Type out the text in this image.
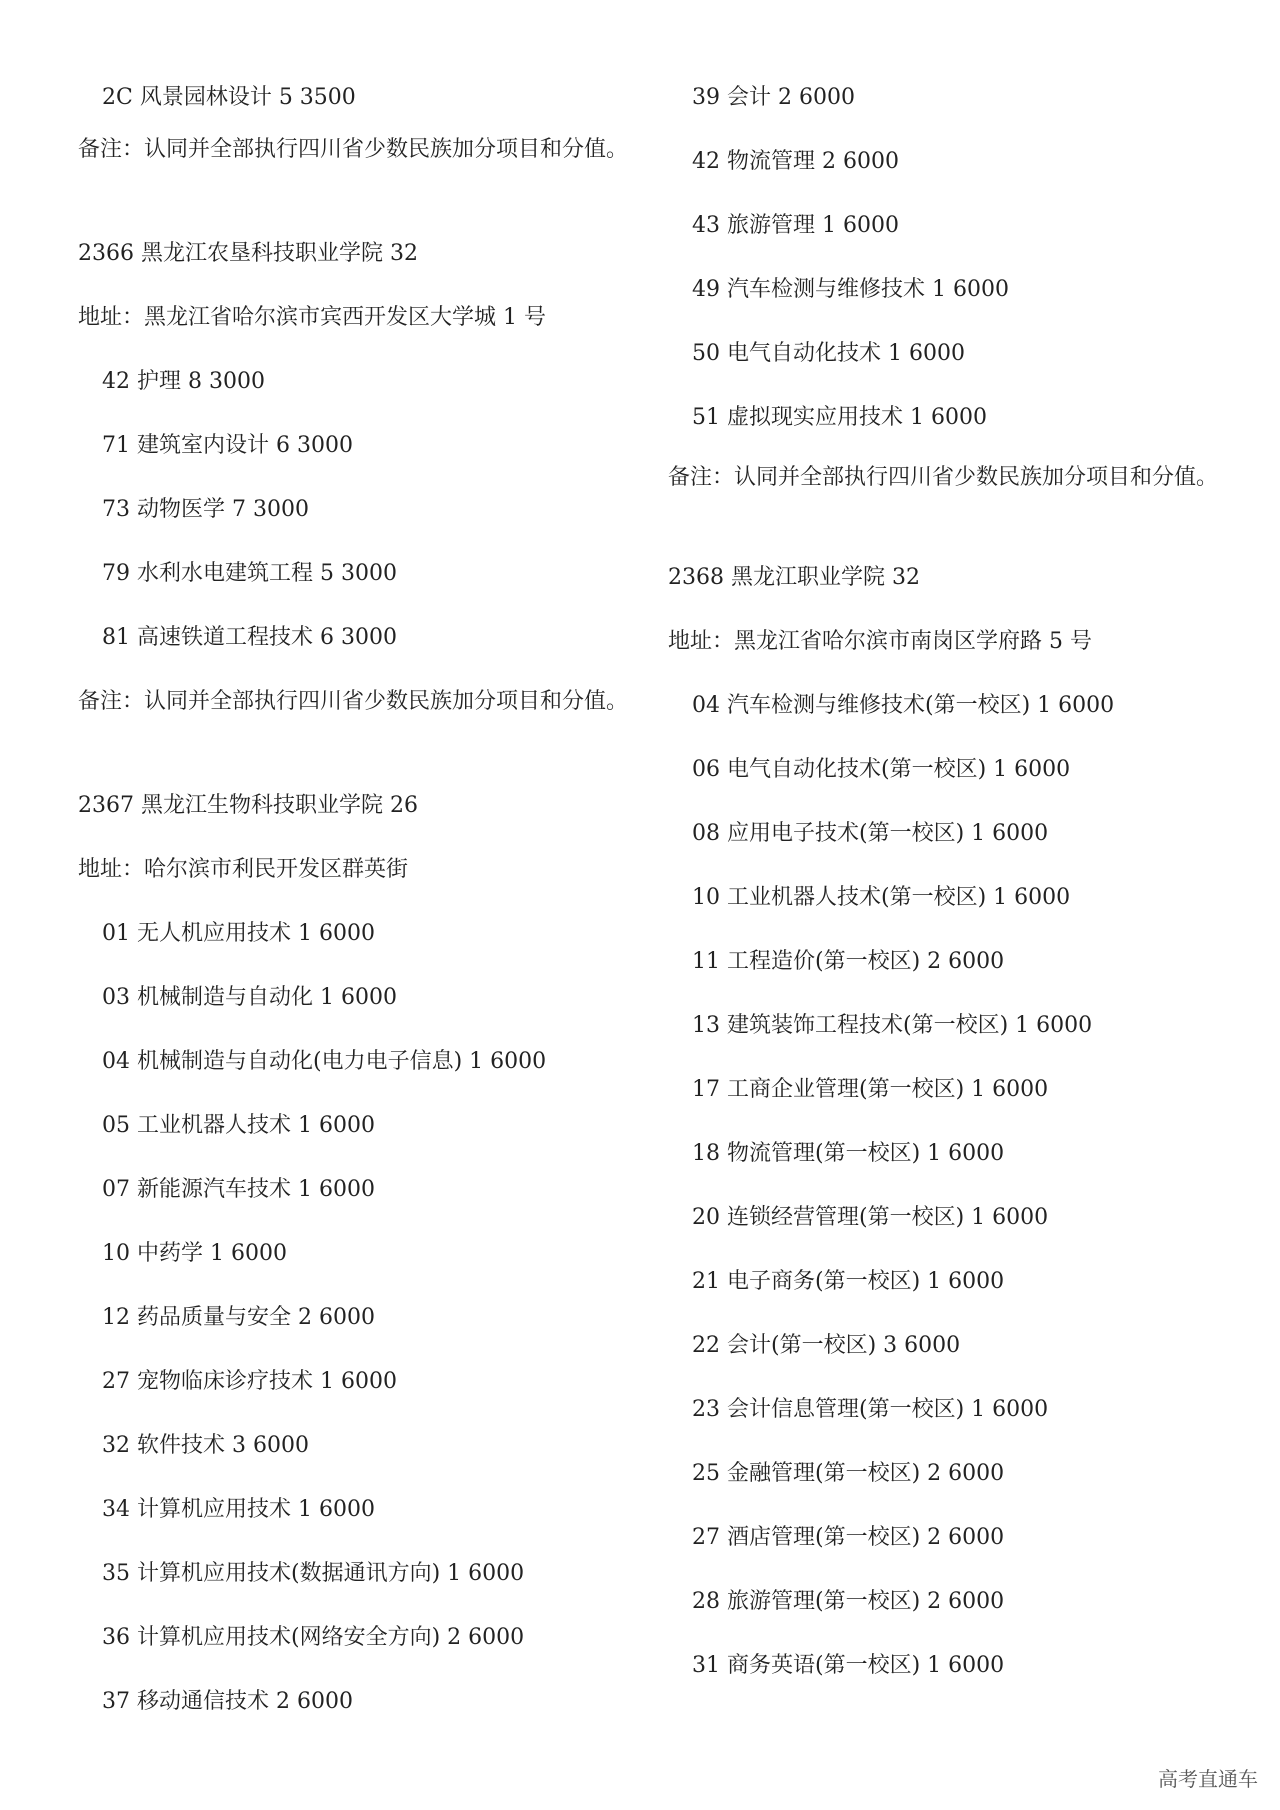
2C 风景园林设计 5 3500
备注：认同并全部执行四川省少数民族加分项目和分值。
2366 黑龙江农垦科技职业学院 32
地址：黑龙江省哈尔滨市宾西开发区大学城 1 号
42 护理 8 3000
71 建筑室内设计 6 3000
73 动物医学 7 3000
79 水利水电建筑工程 5 3000
81 高速铁道工程技术 6 3000
备注：认同并全部执行四川省少数民族加分项目和分值。
2367 黑龙江生物科技职业学院 26
地址：哈尔滨市利民开发区群英街
01 无人机应用技术 1 6000
03 机械制造与自动化 1 6000
04 机械制造与自动化(电力电子信息) 1 6000
05 工业机器人技术 1 6000
07 新能源汽车技术 1 6000
10 中药学 1 6000
12 药品质量与安全 2 6000
27 宠物临床诊疗技术 1 6000
32 软件技术 3 6000
34 计算机应用技术 1 6000
35 计算机应用技术(数据通讯方向) 1 6000
36 计算机应用技术(网络安全方向) 2 6000
37 移动通信技术 2 6000
39 会计 2 6000
42 物流管理 2 6000
43 旅游管理 1 6000
49 汽车检测与维修技术 1 6000
50 电气自动化技术 1 6000
51 虚拟现实应用技术 1 6000
备注：认同并全部执行四川省少数民族加分项目和分值。
2368 黑龙江职业学院 32
地址：黑龙江省哈尔滨市南岗区学府路 5 号
04 汽车检测与维修技术(第一校区) 1 6000
06 电气自动化技术(第一校区) 1 6000
08 应用电子技术(第一校区) 1 6000
10 工业机器人技术(第一校区) 1 6000
11 工程造价(第一校区) 2 6000
13 建筑装饰工程技术(第一校区) 1 6000
17 工商企业管理(第一校区) 1 6000
18 物流管理(第一校区) 1 6000
20 连锁经营管理(第一校区) 1 6000
21 电子商务(第一校区) 1 6000
22 会计(第一校区) 3 6000
23 会计信息管理(第一校区) 1 6000
25 金融管理(第一校区) 2 6000
27 酒店管理(第一校区) 2 6000
28 旅游管理(第一校区) 2 6000
31 商务英语(第一校区) 1 6000
高考直通车
